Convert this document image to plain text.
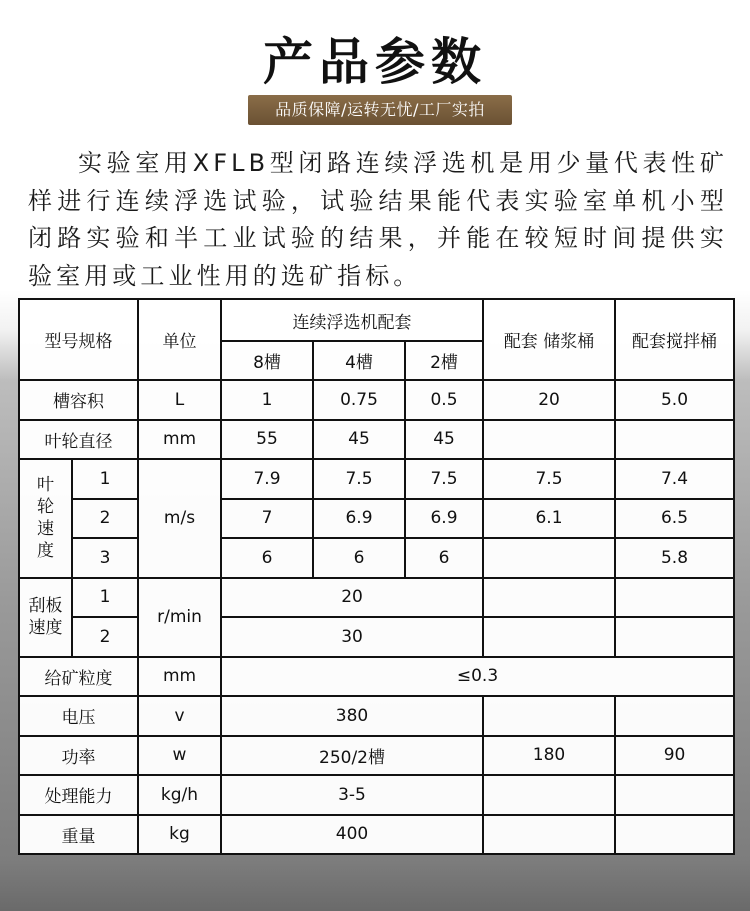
产品参数
品质保障/运转无忧/工厂实拍
实验室用XFLB型闭路连续浮选机是用少量代表性矿样进行连续浮选试验，试验结果能代表实验室单机小型闭路实验和半工业试验的结果，并能在较短时间提供实验室用或工业性用的选矿指标。
型号规格		单位	连续浮选机配套			配套 储浆桶	配套搅拌桶
			8槽	4槽	2槽		
槽容积		L	1	0.75	0.5	20	5.0
叶轮直径		mm	55	45	45		
叶轮速度	1	m/s	7.9	7.5	7.5	7.5	7.4
	2		7	6.9	6.9	6.1	6.5
	3		6	6	6		5.8

刮板
速度	1	r/min	20				
	2		30				
给矿粒度		mm	≤0.3				
电压		v	380				
功率		w	250/2槽			180	90
处理能力		kg/h	3-5				
重量		kg	400				
